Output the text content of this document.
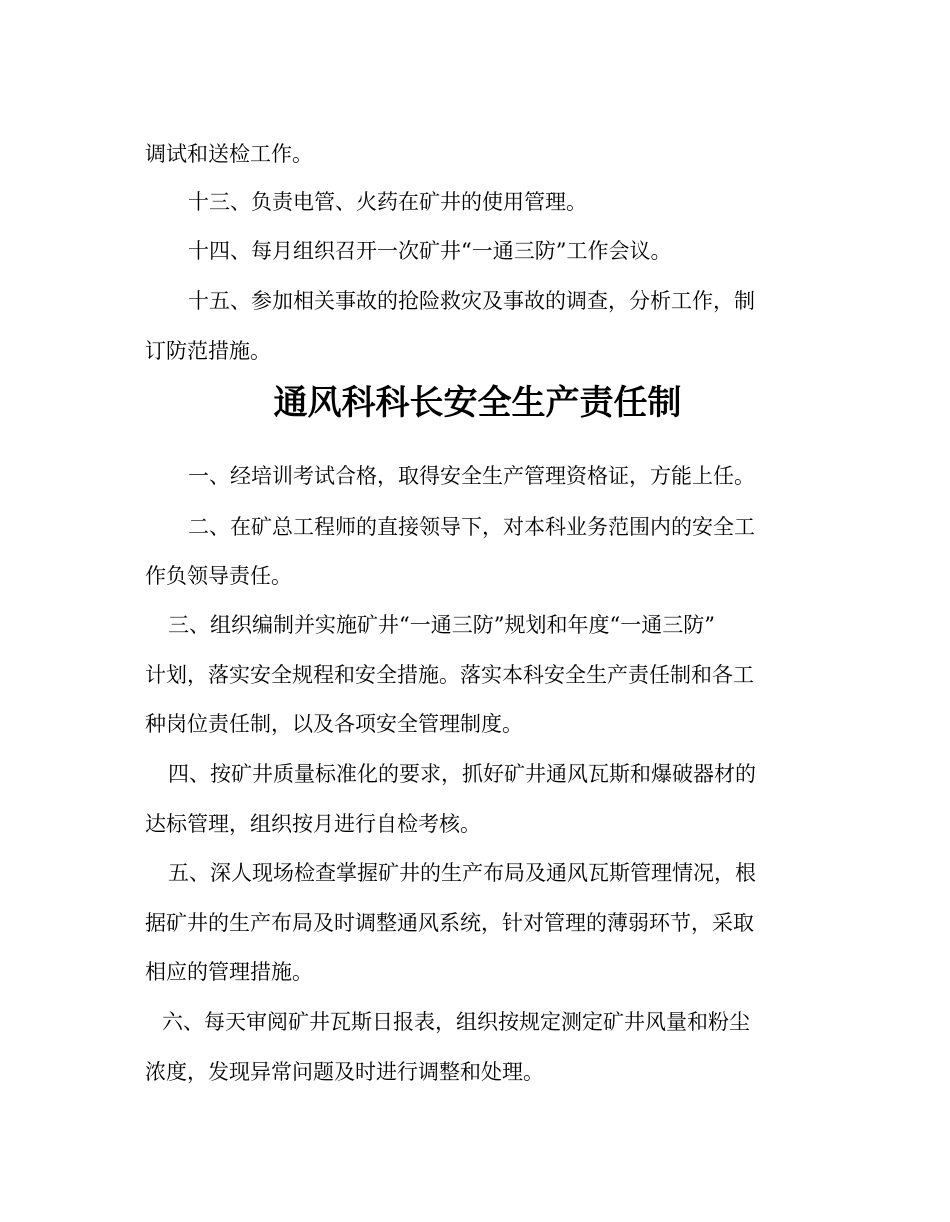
调试和送检工作。
十三、负责电管、火药在矿井的使用管理。
十四、每月组织召开一次矿井“一通三防”工作会议。
十五、参加相关事故的抢险救灾及事故的调查，分析工作，制
订防范措施。
通风科科长安全生产责任制
一、经培训考试合格，取得安全生产管理资格证，方能上任。
二、在矿总工程师的直接领导下，对本科业务范围内的安全工
作负领导责任。
三、组织编制并实施矿井“一通三防”规划和年度“一通三防”
计划，落实安全规程和安全措施。落实本科安全生产责任制和各工
种岗位责任制，以及各项安全管理制度。
四、按矿井质量标准化的要求，抓好矿井通风瓦斯和爆破器材的
达标管理，组织按月进行自检考核。
五、深人现场检查掌握矿井的生产布局及通风瓦斯管理情况，根
据矿井的生产布局及时调整通风系统，针对管理的薄弱环节，采取
相应的管理措施。
六、每天审阅矿井瓦斯日报表，组织按规定测定矿井风量和粉尘
浓度，发现异常问题及时进行调整和处理。
